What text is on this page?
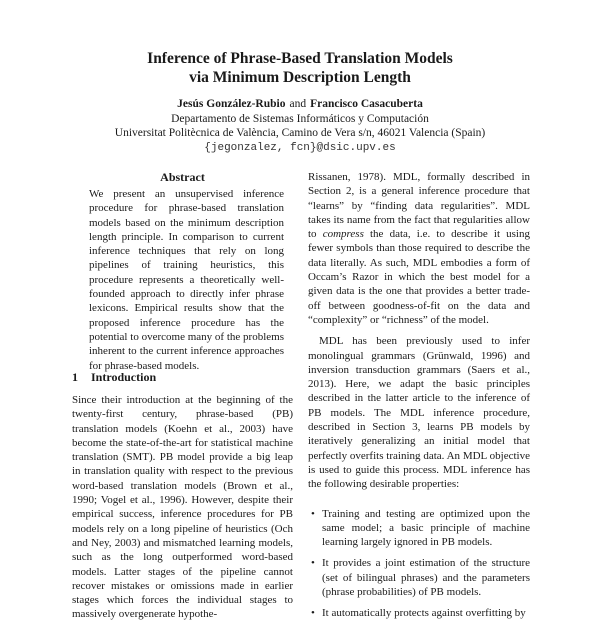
Inference of Phrase-Based Translation Models
via Minimum Description Length
Jesús González-Rubio and Francisco Casacuberta
Departamento de Sistemas Informáticos y Computación
Universitat Politècnica de València, Camino de Vera s/n, 46021 Valencia (Spain)
{jegonzalez, fcn}@dsic.upv.es
Abstract

We present an unsupervised inference procedure for phrase-based translation models based on the minimum description length principle. In comparison to current inference techniques that rely on long pipelines of training heuristics, this procedure represents a theoretically well-founded approach to directly infer phrase lexicons. Empirical results show that the proposed inference procedure has the potential to overcome many of the problems inherent to the current inference approaches for phrase-based models.

1 Introduction

Since their introduction at the beginning of the twenty-first century, phrase-based (PB) translation models (Koehn et al., 2003) have become the state-of-the-art for statistical machine translation (SMT). PB model provide a big leap in translation quality with respect to the previous word-based translation models (Brown et al., 1990; Vogel et al., 1996). However, despite their empirical success, inference procedures for PB models rely on a long pipeline of heuristics (Och and Ney, 2003) and mismatched learning models, such as the long outperformed word-based models. Latter stages of the pipeline cannot recover mistakes or omissions made in earlier stages which forces the individual stages to massively overgenerate hypothe-

Rissanen, 1978). MDL, formally described in Section 2, is a general inference procedure that “learns” by “finding data regularities”. MDL takes its name from the fact that regularities allow to compress the data, i.e. to describe it using fewer symbols than those required to describe the data literally. As such, MDL embodies a form of Occam’s Razor in which the best model for a given data is the one that provides a better trade-off between goodness-of-fit on the data and “complexity” or “richness” of the model.

MDL has been previously used to infer monolingual grammars (Grünwald, 1996) and inversion transduction grammars (Saers et al., 2013). Here, we adapt the basic principles described in the latter article to the inference of PB models. The MDL inference procedure, described in Section 3, learns PB models by iteratively generalizing an initial model that perfectly overfits training data. An MDL objective is used to guide this process. MDL inference has the following desirable properties:

• Training and testing are optimized upon the same model; a basic principle of machine learning largely ignored in PB models.
• It provides a joint estimation of the structure (set of bilingual phrases) and the parameters (phrase probabilities) of PB models.
• It automatically protects against overfitting by
